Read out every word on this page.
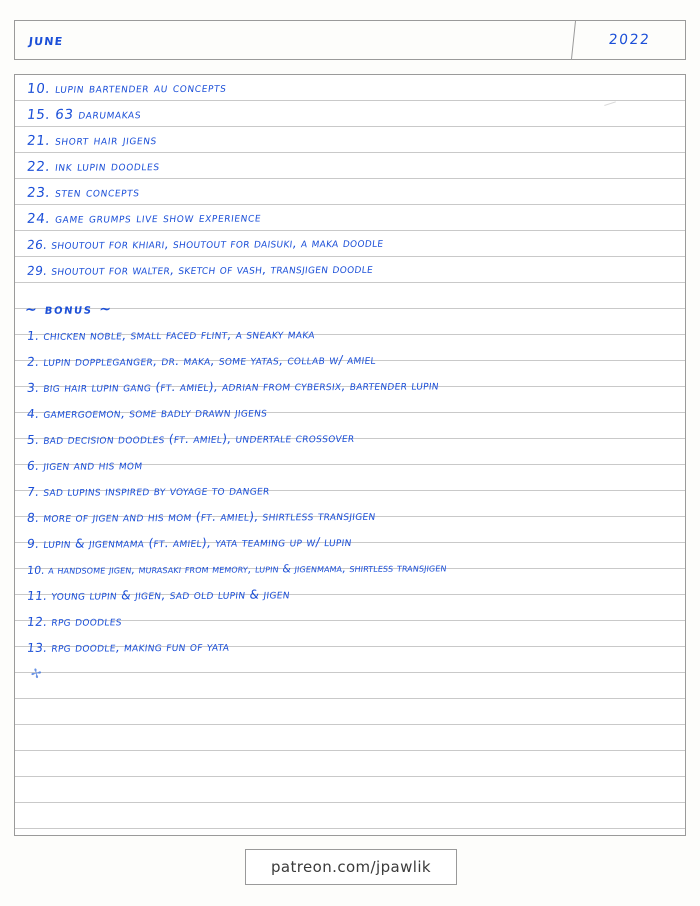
june	2022
10. lupin bartender au concepts
15. 63 darumakas
21. short hair jigens
22. ink lupin doodles
23. sten concepts
24. game grumps live show experience
26. shoutout for khiari, shoutout for daisuki, a maka doodle
29. shoutout for walter, sketch of vash, transjigen doodle
~ bonus ~
1. chicken noble, small faced flint, a sneaky maka
2. lupin doppleganger, dr. maka, some yatas, collab w/ amiel
3. big hair lupin gang (ft. amiel), adrian from cybersix, bartender lupin
4. gamergoemon, some badly drawn jigens
5. bad decision doodles (ft. amiel), undertale crossover
6. jigen and his mom
7. sad lupins inspired by voyage to danger
8. more of jigen and his mom (ft. amiel), shirtless transjigen
9. lupin & jigenmama (ft. amiel), yata teaming up w/ lupin
10. a handsome jigen, murasaki from memory, lupin & jigenmama, shirtless transjigen
11. young lupin & jigen, sad old lupin & jigen
12. rpg doodles
13. rpg doodle, making fun of yata
✢
patreon.com/jpawlik
